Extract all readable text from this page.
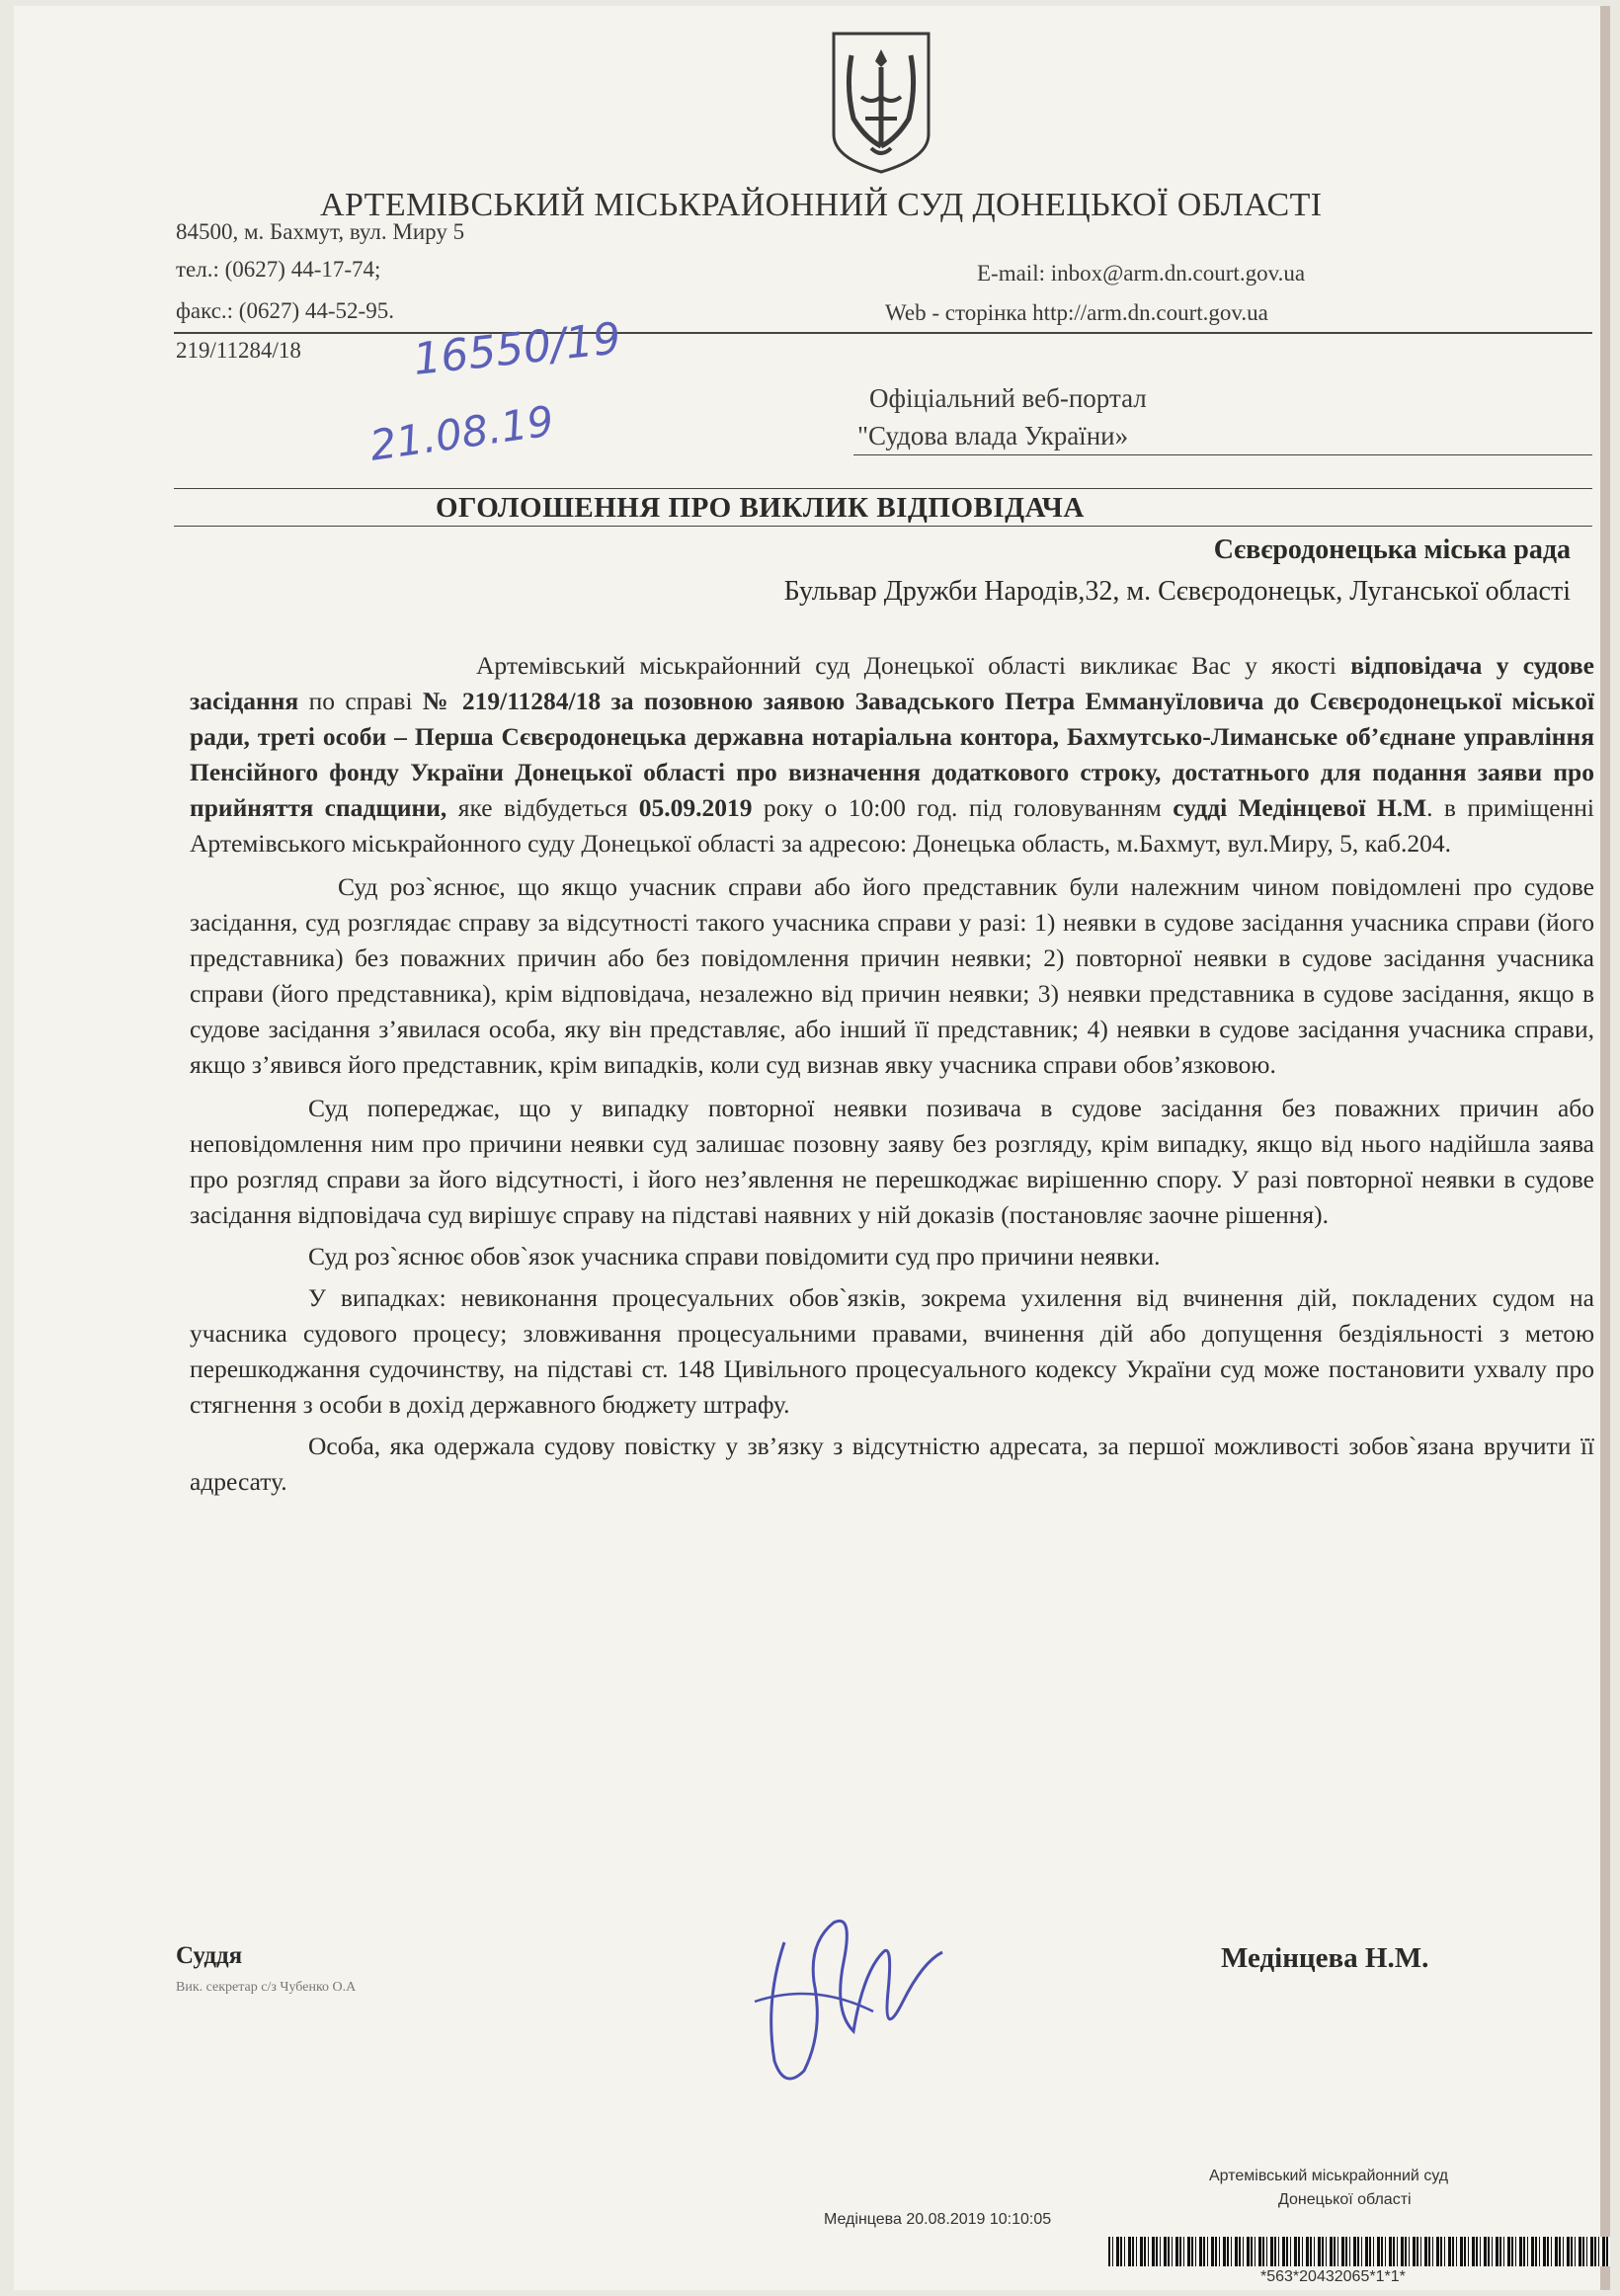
АРТЕМІВСЬКИЙ МІСЬКРАЙОННИЙ СУД ДОНЕЦЬКОЇ ОБЛАСТІ
84500, м. Бахмут, вул. Миру 5
тел.: (0627) 44-17-74;
факс.: (0627) 44-52-95.
E-mail: inbox@arm.dn.court.gov.ua
Web - сторінка http://arm.dn.court.gov.ua
219/11284/18	16550/19
21.08.19	Офіціальний веб-портал
"Судова влада України»
ОГОЛОШЕННЯ ПРО ВИКЛИК ВІДПОВІДАЧА
Сєвєродонецька міська рада
Бульвар Дружби Народів,32, м. Сєвєродонецьк, Луганської області

Артемівський міськрайонний суд Донецької області викликає Вас у якості відповідача у судове засідання по справі № 219/11284/18 за позовною заявою Завадського Петра Еммануїловича до Сєвєродонецької міської ради, треті особи – Перша Сєвєродонецька державна нотаріальна контора, Бахмутсько-Лиманське об’єднане управління Пенсійного фонду України Донецької області про визначення додаткового строку, достатнього для подання заяви про прийняття спадщини, яке відбудеться 05.09.2019 року о 10:00 год. під головуванням судді Медінцевої Н.М. в приміщенні Артемівського міськрайонного суду Донецької області за адресою: Донецька область, м.Бахмут, вул.Миру, 5, каб.204.

Суд роз`яснює, що якщо учасник справи або його представник були належним чином повідомлені про судове засідання, суд розглядає справу за відсутності такого учасника справи у разі: 1) неявки в судове засідання учасника справи (його представника) без поважних причин або без повідомлення причин неявки; 2) повторної неявки в судове засідання учасника справи (його представника), крім відповідача, незалежно від причин неявки; 3) неявки представника в судове засідання, якщо в судове засідання з’явилася особа, яку він представляє, або інший її представник; 4) неявки в судове засідання учасника справи, якщо з’явився його представник, крім випадків, коли суд визнав явку учасника справи обов’язковою.

Суд попереджає, що у випадку повторної неявки позивача в судове засідання без поважних причин або неповідомлення ним про причини неявки суд залишає позовну заяву без розгляду, крім випадку, якщо від нього надійшла заява про розгляд справи за його відсутності, і його нез’явлення не перешкоджає вирішенню спору. У разі повторної неявки в судове засідання відповідача суд вирішує справу на підставі наявних у ній доказів (постановляє заочне рішення).

Суд роз`яснює обов`язок учасника справи повідомити суд про причини неявки.

У випадках: невиконання процесуальних обов`язків, зокрема ухилення від вчинення дій, покладених судом на учасника судового процесу; зловживання процесуальними правами, вчинення дій або допущення бездіяльності з метою перешкоджання судочинству, на підставі ст. 148 Цивільного процесуального кодексу України суд може постановити ухвалу про стягнення з особи в дохід державного бюджету штрафу.

Особа, яка одержала судову повістку у зв’язку з відсутністю адресата, за першої можливості зобов`язана вручити її адресату.

Суддя
Вик. секретар с/з Чубенко О.А
Медінцева Н.М.
Артемівський міськрайонний суд
Донецької області
Медінцева 20.08.2019 10:10:05
*563*20432065*1*1*
